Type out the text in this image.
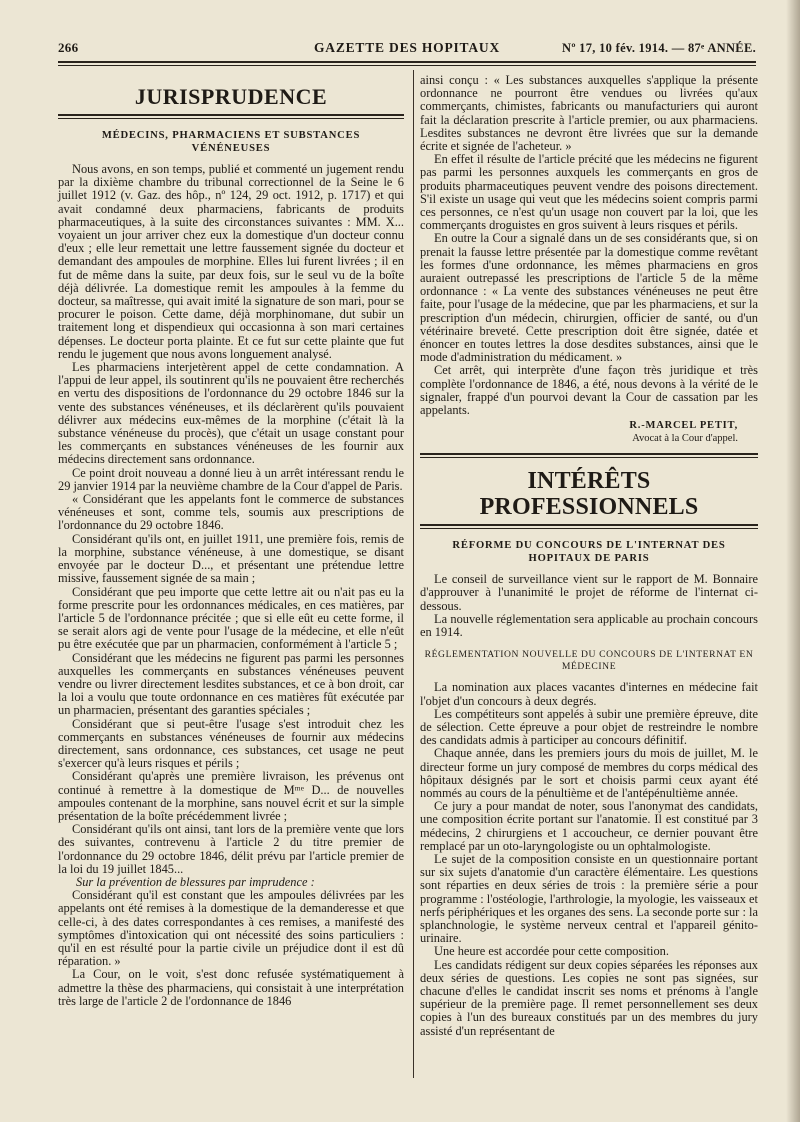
266	GAZETTE DES HOPITAUX	Nº 17, 10 fév. 1914. — 87ᵉ ANNÉE.
JURISPRUDENCE
MÉDECINS, PHARMACIENS ET SUBSTANCES VÉNÉNEUSES

Nous avons, en son temps, publié et commenté un jugement rendu par la dixième chambre du tribunal correctionnel de la Seine le 6 juillet 1912 (v. Gaz. des hôp., nº 124, 29 oct. 1912, p. 1717) et qui avait condamné deux pharmaciens, fabricants de produits pharmaceutiques, à la suite des circonstances suivantes : MM. X... voyaient un jour arriver chez eux la domestique d'un docteur connu d'eux ; elle leur remettait une lettre faussement signée du docteur et demandant des ampoules de morphine. Elles lui furent livrées ; il en fut de même dans la suite, par deux fois, sur le seul vu de la boîte déjà délivrée. La domestique remit les ampoules à la femme du docteur, sa maîtresse, qui avait imité la signature de son mari, pour se procurer le poison. Cette dame, déjà morphinomane, dut subir un traitement long et dispendieux qui occasionna à son mari certaines dépenses. Le docteur porta plainte. Et ce fut sur cette plainte que fut rendu le jugement que nous avons longuement analysé.

Les pharmaciens interjetèrent appel de cette condamnation. A l'appui de leur appel, ils soutinrent qu'ils ne pouvaient être recherchés en vertu des dispositions de l'ordonnance du 29 octobre 1846 sur la vente des substances vénéneuses, et ils déclarèrent qu'ils pouvaient délivrer aux médecins eux-mêmes de la morphine (c'était là la substance vénéneuse du procès), que c'était un usage constant pour les commerçants en substances vénéneuses de les fournir aux médecins directement sans ordonnance.

Ce point droit nouveau a donné lieu à un arrêt intéressant rendu le 29 janvier 1914 par la neuvième chambre de la Cour d'appel de Paris.

« Considérant que les appelants font le commerce de substances vénéneuses et sont, comme tels, soumis aux prescriptions de l'ordonnance du 29 octobre 1846.

Considérant qu'ils ont, en juillet 1911, une première fois, remis de la morphine, substance vénéneuse, à une domestique, se disant envoyée par le docteur D..., et présentant une prétendue lettre missive, faussement signée de sa main ;

Considérant que peu importe que cette lettre ait ou n'ait pas eu la forme prescrite pour les ordonnances médicales, en ces matières, par l'article 5 de l'ordonnance précitée ; que si elle eût eu cette forme, il se serait alors agi de vente pour l'usage de la médecine, et elle n'eût pu être exécutée que par un pharmacien, conformément à l'article 5 ;

Considérant que les médecins ne figurent pas parmi les personnes auxquelles les commerçants en substances vénéneuses peuvent vendre ou livrer directement lesdites substances, et ce à bon droit, car la loi a voulu que toute ordonnance en ces matières fût exécutée par un pharmacien, présentant des garanties spéciales ;

Considérant que si peut-être l'usage s'est introduit chez les commerçants en substances vénéneuses de fournir aux médecins directement, sans ordonnance, ces substances, cet usage ne peut s'exercer qu'à leurs risques et périls ;

Considérant qu'après une première livraison, les prévenus ont continué à remettre à la domestique de Mᵐᵉ D... de nouvelles ampoules contenant de la morphine, sans nouvel écrit et sur la simple présentation de la boîte précédemment livrée ;

Considérant qu'ils ont ainsi, tant lors de la première vente que lors des suivantes, contrevenu à l'article 2 du titre premier de l'ordonnance du 29 octobre 1846, délit prévu par l'article premier de la loi du 19 juillet 1845...

Sur la prévention de blessures par imprudence :

Considérant qu'il est constant que les ampoules délivrées par les appelants ont été remises à la domestique de la demanderesse et que celle-ci, à des dates correspondantes à ces remises, a manifesté des symptômes d'intoxication qui ont nécessité des soins particuliers : qu'il en est résulté pour la partie civile un préjudice dont il est dû réparation. »

La Cour, on le voit, s'est donc refusée systématiquement à admettre la thèse des pharmaciens, qui consistait à une interprétation très large de l'article 2 de l'ordonnance de 1846

ainsi conçu : « Les substances auxquelles s'applique la présente ordonnance ne pourront être vendues ou livrées qu'aux commerçants, chimistes, fabricants ou manufacturiers qui auront fait la déclaration prescrite à l'article premier, ou aux pharmaciens. Lesdites substances ne devront être livrées que sur la demande écrite et signée de l'acheteur. »

En effet il résulte de l'article précité que les médecins ne figurent pas parmi les personnes auxquels les commerçants en gros de produits pharmaceutiques peuvent vendre des poisons directement. S'il existe un usage qui veut que les médecins soient compris parmi ces personnes, ce n'est qu'un usage non couvert par la loi, que les commerçants droguistes en gros suivent à leurs risques et périls.

En outre la Cour a signalé dans un de ses considérants que, si on prenait la fausse lettre présentée par la domestique comme revêtant les formes d'une ordonnance, les mêmes pharmaciens en gros auraient outrepassé les prescriptions de l'article 5 de la même ordonnance : « La vente des substances vénéneuses ne peut être faite, pour l'usage de la médecine, que par les pharmaciens, et sur la prescription d'un médecin, chirurgien, officier de santé, ou d'un vétérinaire breveté. Cette prescription doit être signée, datée et énoncer en toutes lettres la dose desdites substances, ainsi que le mode d'administration du médicament. »

Cet arrêt, qui interprète d'une façon très juridique et très complète l'ordonnance de 1846, a été, nous devons à la vérité de le signaler, frappé d'un pourvoi devant la Cour de cassation par les appelants.

R.-MARCEL PETIT,
Avocat à la Cour d'appel.
INTÉRÊTS PROFESSIONNELS
RÉFORME DU CONCOURS DE L'INTERNAT DES HOPITAUX DE PARIS

Le conseil de surveillance vient sur le rapport de M. Bonnaire d'approuver à l'unanimité le projet de réforme de l'internat ci-dessous.

La nouvelle réglementation sera applicable au prochain concours en 1914.

RÉGLEMENTATION NOUVELLE DU CONCOURS DE L'INTERNAT EN MÉDECINE

La nomination aux places vacantes d'internes en médecine fait l'objet d'un concours à deux degrés.

Les compétiteurs sont appelés à subir une première épreuve, dite de sélection. Cette épreuve a pour objet de restreindre le nombre des candidats admis à participer au concours définitif.

Chaque année, dans les premiers jours du mois de juillet, M. le directeur forme un jury composé de membres du corps médical des hôpitaux désignés par le sort et choisis parmi ceux ayant été nommés au cours de la pénultième et de l'antépénultième année.

Ce jury a pour mandat de noter, sous l'anonymat des candidats, une composition écrite portant sur l'anatomie. Il est constitué par 3 médecins, 2 chirurgiens et 1 accoucheur, ce dernier pouvant être remplacé par un oto-laryngologiste ou un ophtalmologiste.

Le sujet de la composition consiste en un questionnaire portant sur six sujets d'anatomie d'un caractère élémentaire. Les questions sont réparties en deux séries de trois : la première série a pour programme : l'ostéologie, l'arthrologie, la myologie, les vaisseaux et nerfs périphériques et les organes des sens. La seconde porte sur : la splanchnologie, le système nerveux central et l'appareil génito-urinaire.

Une heure est accordée pour cette composition.

Les candidats rédigent sur deux copies séparées les réponses aux deux séries de questions. Les copies ne sont pas signées, sur chacune d'elles le candidat inscrit ses noms et prénoms à l'angle supérieur de la première page. Il remet personnellement ses deux copies à l'un des bureaux constitués par un des membres du jury assisté d'un représentant de
